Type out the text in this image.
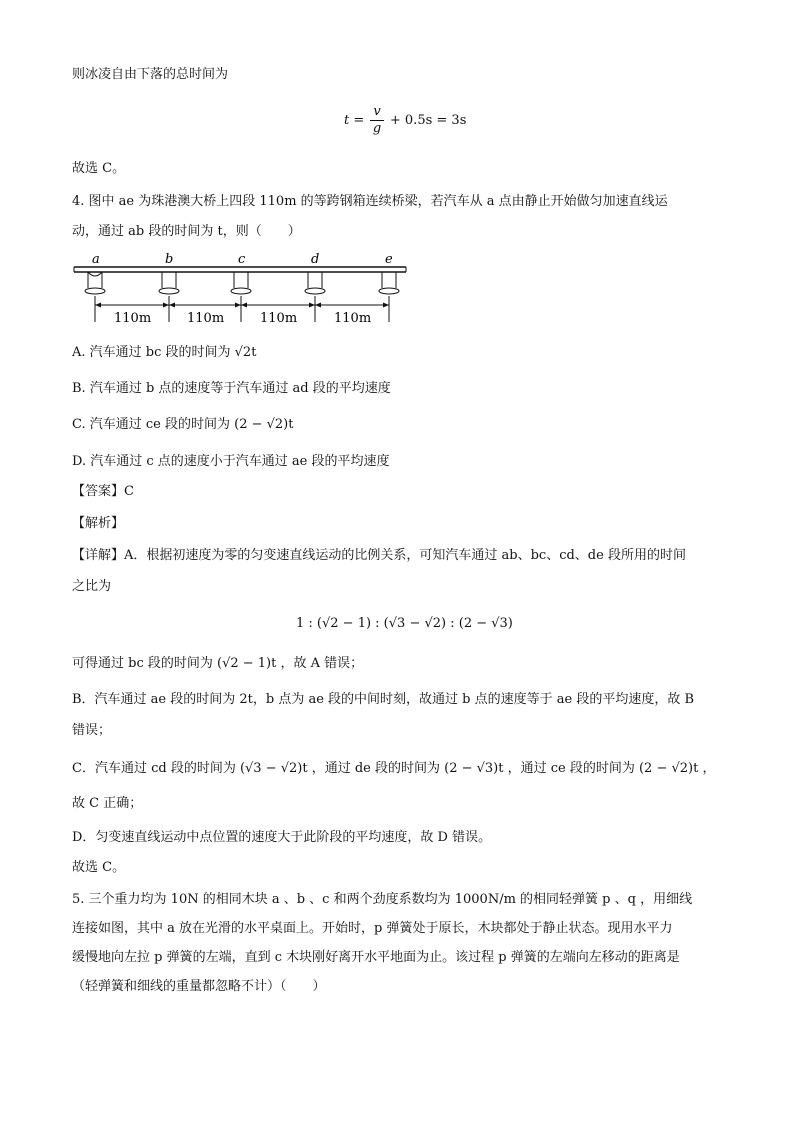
则冰凌自由下落的总时间为
$t = \frac{v}{g} + 0.5s = 3s$
故选 C。
4. 图中 ae 为珠港澳大桥上四段 110m 的等跨钢箱连续桥梁，若汽车从 a 点由静止开始做匀加速直线运
动，通过 ab 段的时间为 t，则（　　）
a	b	c	d	e
110m	110m	110m	110m
A. 汽车通过 bc 段的时间为 √2t
B. 汽车通过 b 点的速度等于汽车通过 ad 段的平均速度
C. 汽车通过 ce 段的时间为 (2 − √2)t
D. 汽车通过 c 点的速度小于汽车通过 ae 段的平均速度
【答案】C
【解析】
【详解】A．根据初速度为零的匀变速直线运动的比例关系，可知汽车通过 ab、bc、cd、de 段所用的时间
之比为
1 : (√2 − 1) : (√3 − √2) : (2 − √3)
可得通过 bc 段的时间为 (√2 − 1)t ，故 A 错误；
B．汽车通过 ae 段的时间为 2t，b 点为 ae 段的中间时刻，故通过 b 点的速度等于 ae 段的平均速度，故 B
错误；
C．汽车通过 cd 段的时间为 (√3 − √2)t ，通过 de 段的时间为 (2 − √3)t ，通过 ce 段的时间为 (2 − √2)t ，
故 C 正确；
D．匀变速直线运动中点位置的速度大于此阶段的平均速度，故 D 错误。
故选 C。
5. 三个重力均为 10N 的相同木块 a 、b 、c 和两个劲度系数均为 1000N/m 的相同轻弹簧 p 、q ，用细线
连接如图，其中 a 放在光滑的水平桌面上。开始时，p 弹簧处于原长，木块都处于静止状态。现用水平力
缓慢地向左拉 p 弹簧的左端，直到 c 木块刚好离开水平地面为止。该过程 p 弹簧的左端向左移动的距离是
（轻弹簧和细线的重量都忽略不计）（　　）
